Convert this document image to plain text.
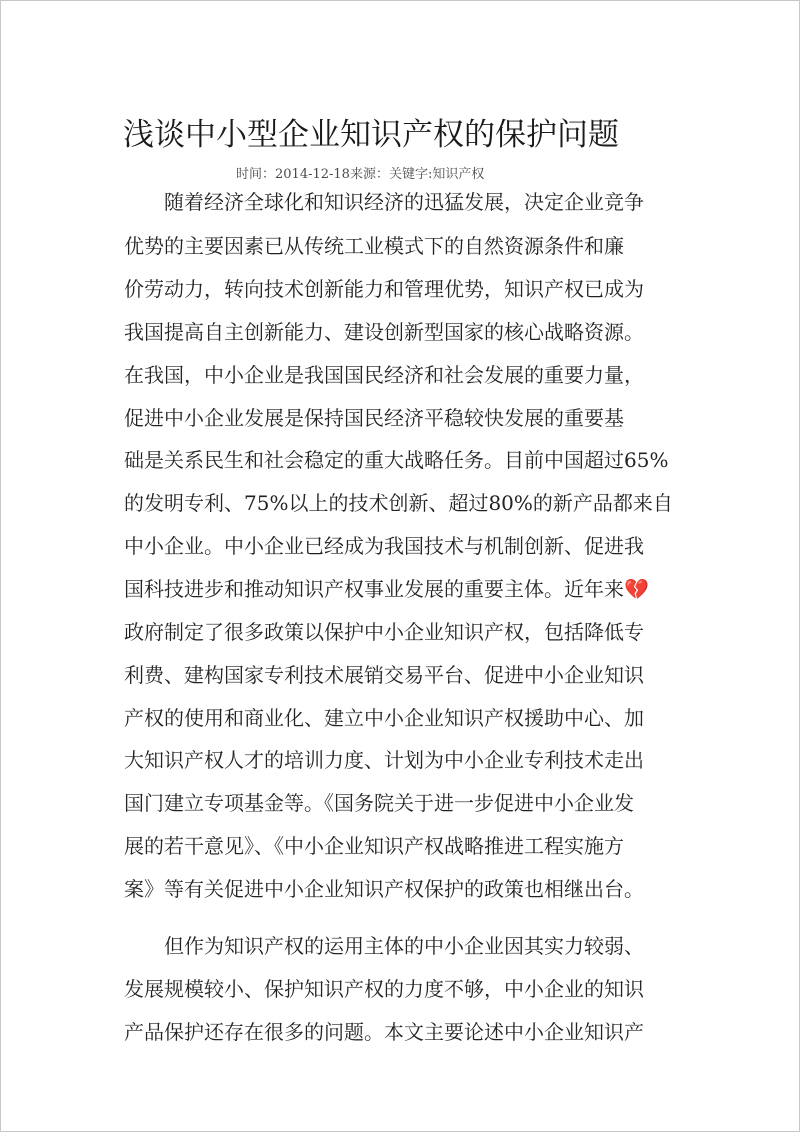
浅谈中小型企业知识产权的保护问题
时间：2014-12-18来源：关键字:知识产权
　　随着经济全球化和知识经济的迅猛发展，决定企业竞争
优势的主要因素已从传统工业模式下的自然资源条件和廉
价劳动力，转向技术创新能力和管理优势，知识产权已成为
我国提高自主创新能力、建设创新型国家的核心战略资源。
在我国，中小企业是我国国民经济和社会发展的重要力量，
促进中小企业发展是保持国民经济平稳较快发展的重要基
础是关系民生和社会稳定的重大战略任务。目前中国超过65%
的发明专利、75%以上的技术创新、超过80%的新产品都来自
中小企业。中小企业已经成为我国技术与机制创新、促进我
国科技进步和推动知识产权事业发展的重要主体。近年来💔
政府制定了很多政策以保护中小企业知识产权，包括降低专
利费、建构国家专利技术展销交易平台、促进中小企业知识
产权的使用和商业化、建立中小企业知识产权援助中心、加
大知识产权人才的培训力度、计划为中小企业专利技术走出
国门建立专项基金等。《国务院关于进一步促进中小企业发
展的若干意见》、《中小企业知识产权战略推进工程实施方
案》等有关促进中小企业知识产权保护的政策也相继出台。
　　但作为知识产权的运用主体的中小企业因其实力较弱、
发展规模较小、保护知识产权的力度不够，中小企业的知识
产品保护还存在很多的问题。本文主要论述中小企业知识产
